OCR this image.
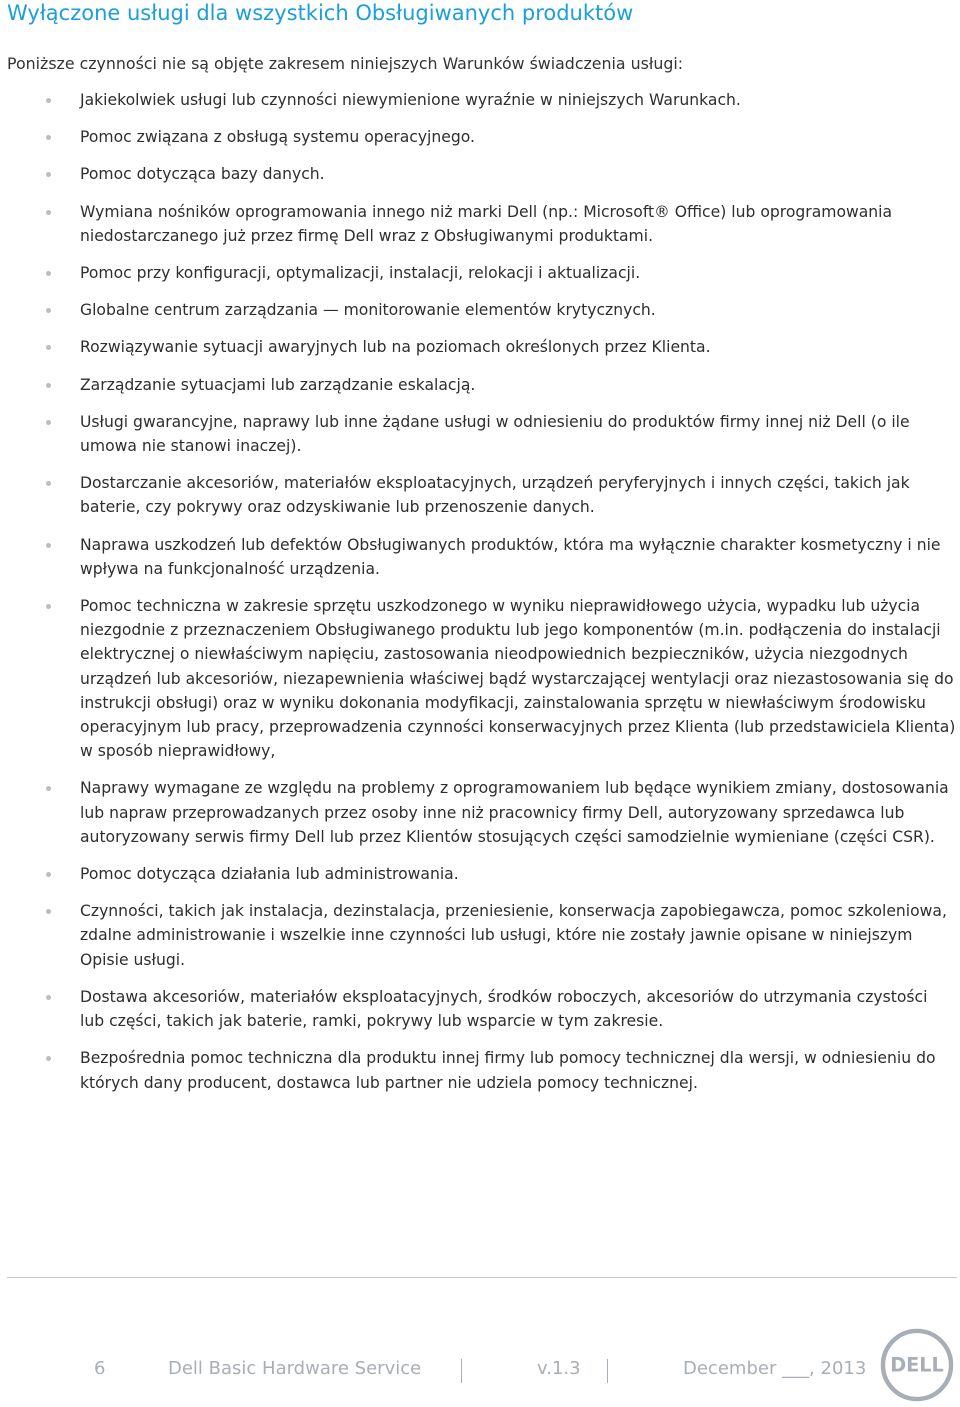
Wyłączone usługi dla wszystkich Obsługiwanych produktów

Poniższe czynności nie są objęte zakresem niniejszych Warunków świadczenia usługi:

Jakiekolwiek usługi lub czynności niewymienione wyraźnie w niniejszych Warunkach.
Pomoc związana z obsługą systemu operacyjnego.
Pomoc dotycząca bazy danych.
Wymiana nośników oprogramowania innego niż marki Dell (np.: Microsoft® Office) lub oprogramowania niedostarczanego już przez firmę Dell wraz z Obsługiwanymi produktami.
Pomoc przy konfiguracji, optymalizacji, instalacji, relokacji i aktualizacji.
Globalne centrum zarządzania — monitorowanie elementów krytycznych.
Rozwiązywanie sytuacji awaryjnych lub na poziomach określonych przez Klienta.
Zarządzanie sytuacjami lub zarządzanie eskalacją.
Usługi gwarancyjne, naprawy lub inne żądane usługi w odniesieniu do produktów firmy innej niż Dell (o ile umowa nie stanowi inaczej).
Dostarczanie akcesoriów, materiałów eksploatacyjnych, urządzeń peryferyjnych i innych części, takich jak baterie, czy pokrywy oraz odzyskiwanie lub przenoszenie danych.
Naprawa uszkodzeń lub defektów Obsługiwanych produktów, która ma wyłącznie charakter kosmetyczny i nie wpływa na funkcjonalność urządzenia.
Pomoc techniczna w zakresie sprzętu uszkodzonego w wyniku nieprawidłowego użycia, wypadku lub użycia niezgodnie z przeznaczeniem Obsługiwanego produktu lub jego komponentów (m.in. podłączenia do instalacji elektrycznej o niewłaściwym napięciu, zastosowania nieodpowiednich bezpieczników, użycia niezgodnych urządzeń lub akcesoriów, niezapewnienia właściwej bądź wystarczającej wentylacji oraz niezastosowania się do instrukcji obsługi) oraz w wyniku dokonania modyfikacji, zainstalowania sprzętu w niewłaściwym środowisku operacyjnym lub pracy, przeprowadzenia czynności konserwacyjnych przez Klienta (lub przedstawiciela Klienta) w sposób nieprawidłowy,
Naprawy wymagane ze względu na problemy z oprogramowaniem lub będące wynikiem zmiany, dostosowania lub napraw przeprowadzanych przez osoby inne niż pracownicy firmy Dell, autoryzowany sprzedawca lub autoryzowany serwis firmy Dell lub przez Klientów stosujących części samodzielnie wymieniane (części CSR).
Pomoc dotycząca działania lub administrowania.
Czynności, takich jak instalacja, dezinstalacja, przeniesienie, konserwacja zapobiegawcza, pomoc szkoleniowa, zdalne administrowanie i wszelkie inne czynności lub usługi, które nie zostały jawnie opisane w niniejszym Opisie usługi.
Dostawa akcesoriów, materiałów eksploatacyjnych, środków roboczych, akcesoriów do utrzymania czystości lub części, takich jak baterie, ramki, pokrywy lub wsparcie w tym zakresie.
Bezpośrednia pomoc techniczna dla produktu innej firmy lub pomocy technicznej dla wersji, w odniesieniu do których dany producent, dostawca lub partner nie udziela pomocy technicznej.
6	Dell Basic Hardware Service	v.1.3	December ___, 2013 DELL
